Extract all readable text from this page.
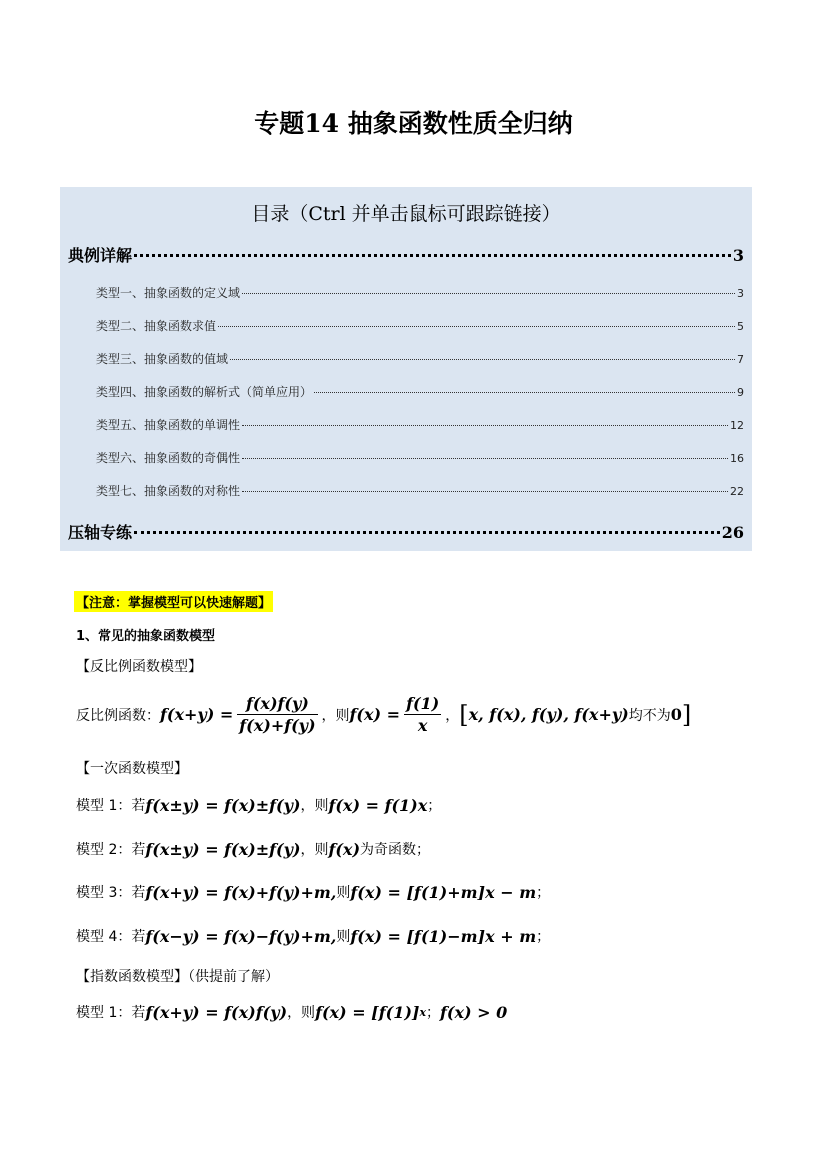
专题14 抽象函数性质全归纳
目录（Ctrl 并单击鼠标可跟踪链接）
典例详解	3
类型一、抽象函数的定义域	3
类型二、抽象函数求值	5
类型三、抽象函数的值域	7
类型四、抽象函数的解析式（简单应用）	9
类型五、抽象函数的单调性	12
类型六、抽象函数的奇偶性	16
类型七、抽象函数的对称性	22
压轴专练	26
【注意：掌握模型可以快速解题】
1、常见的抽象函数模型
【反比例函数模型】
反比例函数： $f(x+y) = \frac{f(x)f(y)}{f(x)+f(y)}$ ，则 $f(x) = \frac{f(1)}{x}$ ， [ x, f(x), f(y), f(x+y) 均不为 0 ]
【一次函数模型】
模型 1：若 f(x±y) = f(x)±f(y) ，则 f(x) = f(1)x ；
模型 2：若 f(x±y) = f(x)±f(y) ，则 f(x) 为奇函数；
模型 3：若 f(x+y) = f(x)+f(y)+m, 则 f(x) = [f(1)+m]x − m ；
模型 4：若 f(x−y) = f(x)−f(y)+m, 则 f(x) = [f(1)−m]x + m ；
【指数函数模型】（供提前了解）
模型 1：若 f(x+y) = f(x)f(y) ，则 f(x) = [f(1)] x ； f(x) > 0
